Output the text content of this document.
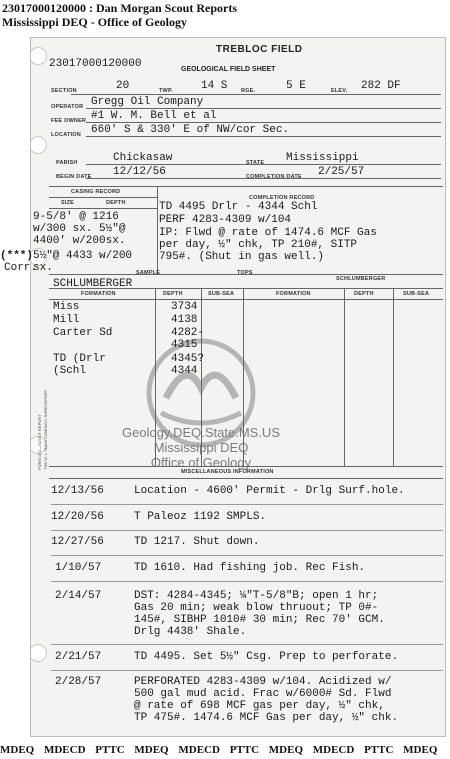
23017000120000 : Dan Morgan Scout Reports
Mississippi DEQ - Office of Geology
Geology.DEQ.State.MS.US
Mississippi DEQ
Office of Geology
TREBLOC FIELD
23017000120000	GEOLOGICAL FIELD SHEET
SECTION	20	TWP.	14 S RGE.	5 E	ELEV. 282 DF
OPERATOR Gregg Oil Company
FEE OWNER #1 W. M. Bell et al
LOCATION 660' S & 330' E of NW/cor Sec.
PARISH	Chickasaw	STATE Mississippi
BEGIN DATE 12/12/56	COMPLETION DATE 2/25/57
CASING RECORD
COMPLETION RECORD
SIZE	DEPTH
9-5/8' @ 1216
w/300 sx. 5½"@
4400' w/200sx.
5½"@ 4433 w/200
sx.
TD 4495 Drlr - 4344 Schl
PERF 4283-4309 w/104
IP: Flwd @ rate of 1474.6 MCF Gas
per day, ½" chk, TP 210#, SITP
795#. (Shut in gas well.)
SAMPLE	TOPS
SCHLUMBERGER
SCHLUMBERGER
FORMATION	DEPTH	SUB-SEA	FORMATION	DEPTH	SUB-SEA
Miss	3734
Mill	4138
Carter Sd	4282-
4315
TD (Drlr	4345?
(Schl	4344
MISCELLANEOUS INFORMATION
FORM 1E2—SCOUT REPORT THE W. L. RATH COMPANY, SHREVEPORT
12/13/56	Location - 4600' Permit - Drlg Surf.hole.
12/20/56	T Paleoz 1192 SMPLS.
12/27/56	TD 1217. Shut down.
1/10/57	TD 1610. Had fishing job. Rec Fish.
2/14/57	DST: 4284-4345; ¼"T-5/8"B; open 1 hr;
Gas 20 min; weak blow thruout; TP 0#-
145#, SIBHP 1010# 30 min; Rec 70' GCM.
Drlg 4438' Shale.
2/21/57	TD 4495. Set 5½" Csg. Prep to perforate.
2/28/57	PERFORATED 4283-4309 w/104. Acidized w/
500 gal mud acid. Frac w/6000# Sd. Flwd
@ rate of 698 MCF gas per day, ½" chk,
TP 475#. 1474.6 MCF Gas per day, ½" chk.
(***)
Corr.
MDEQ MDECD PTTC MDEQ MDECD PTTC MDEQ MDECD PTTC MDEQ
